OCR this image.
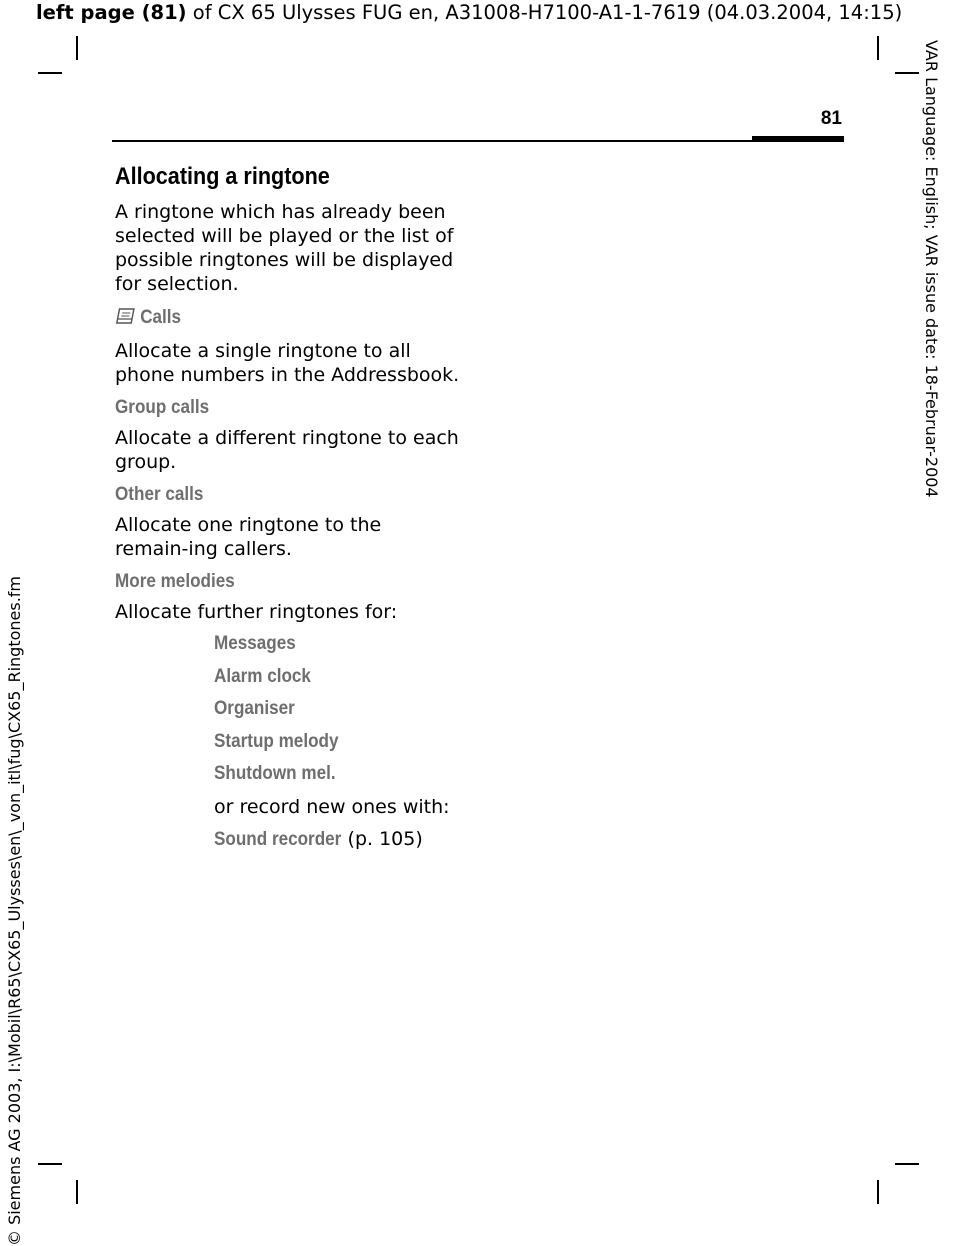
left page (81) of CX 65 Ulysses FUG en, A31008-H7100-A1-1-7619 (04.03.2004, 14:15)
VAR Language: English; VAR issue date: 18-Februar-2004
© Siemens AG 2003, I:\Mobil\R65\CX65_Ulysses\en\_von_itl\fug\CX65_Ringtones.fm
81
Allocating a ringtone

A ringtone which has already been selected will be played or the list of possible ringtones will be displayed for selection.

Calls

Allocate a single ringtone to all phone numbers in the Addressbook.

Group calls

Allocate a different ringtone to each group.

Other calls

Allocate one ringtone to the remain-ing callers.

More melodies

Allocate further ringtones for:

Messages
Alarm clock
Organiser
Startup melody
Shutdown mel.
or record new ones with:
Sound recorder (p. 105)
